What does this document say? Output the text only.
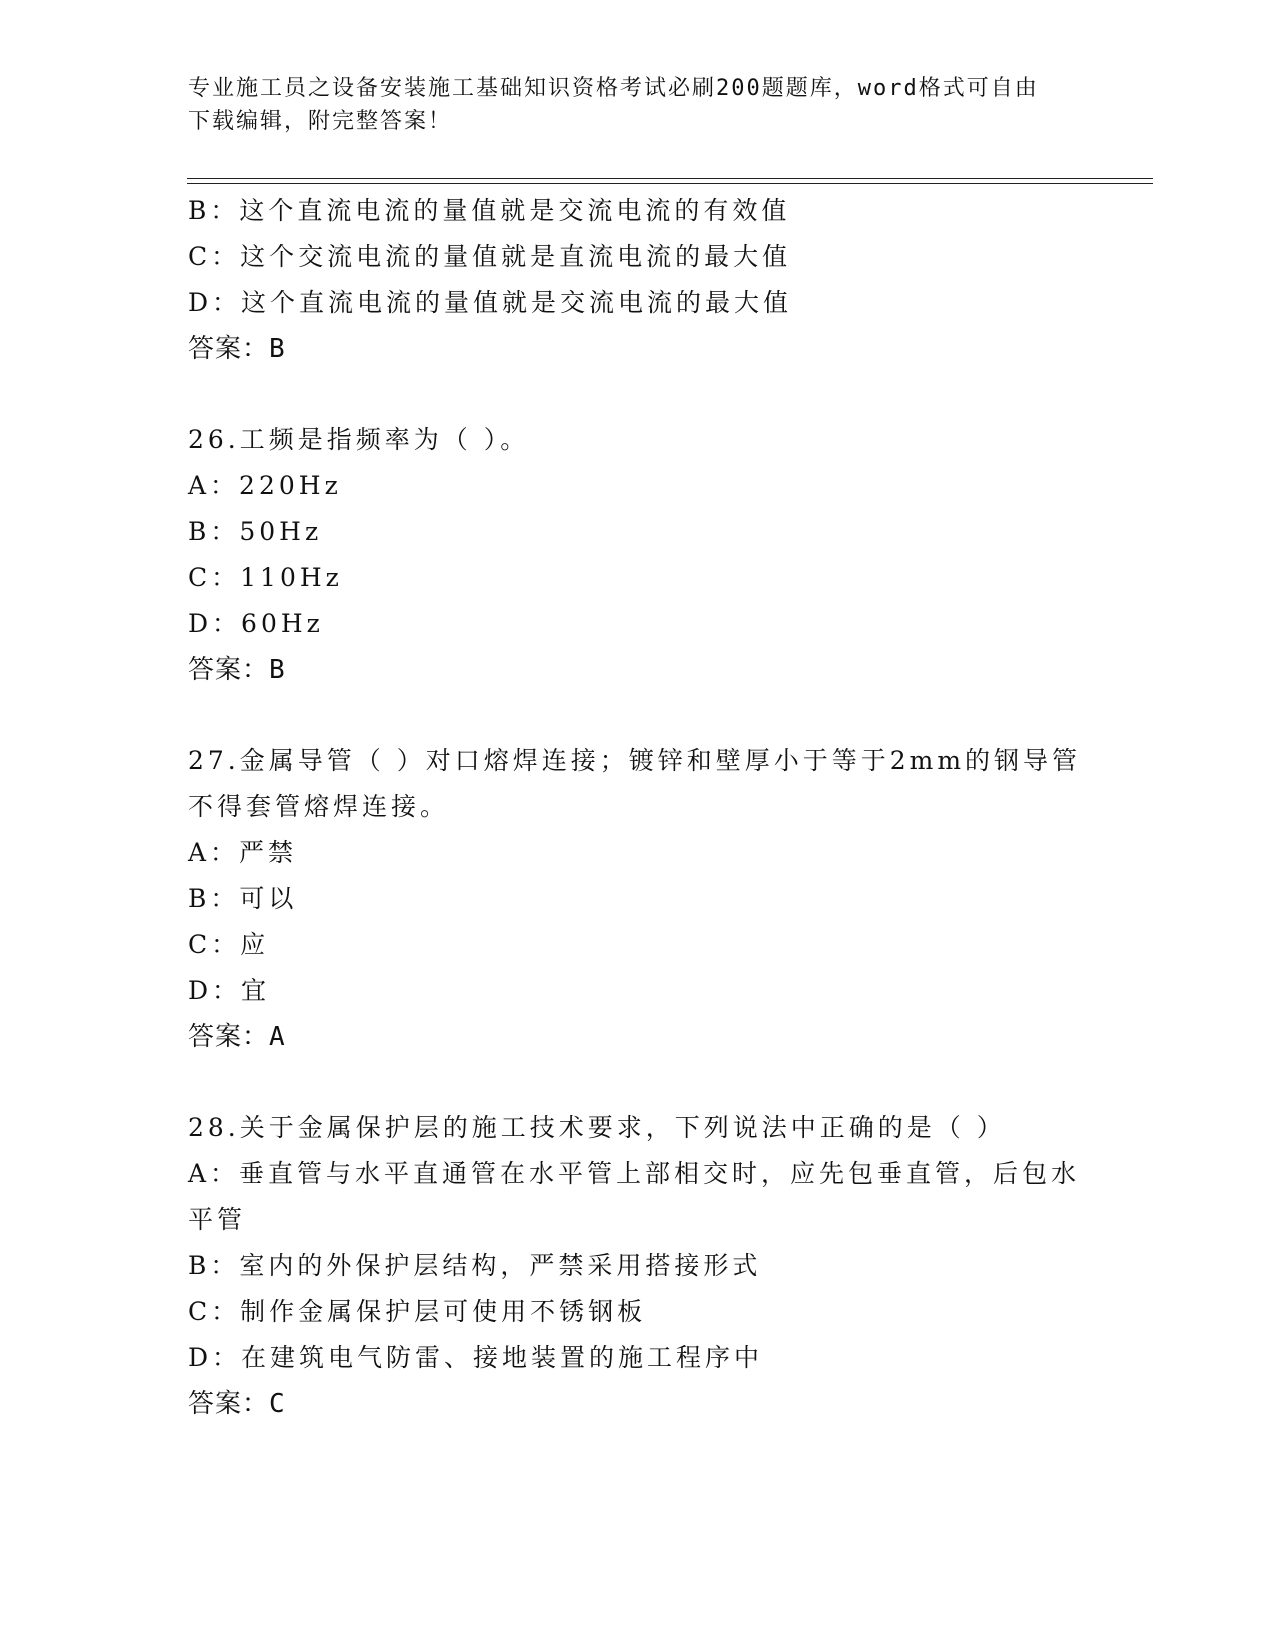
专业施工员之设备安装施工基础知识资格考试必刷200题题库，word格式可自由
下载编辑，附完整答案！
B：这个直流电流的量值就是交流电流的有效值
C：这个交流电流的量值就是直流电流的最大值
D：这个直流电流的量值就是交流电流的最大值
答案：B
26.工频是指频率为（ ）。
A：220Hz
B：50Hz
C：110Hz
D：60Hz
答案：B
27.金属导管（ ）对口熔焊连接；镀锌和壁厚小于等于2mm的钢导管
不得套管熔焊连接。
A：严禁
B：可以
C：应
D：宜
答案：A
28.关于金属保护层的施工技术要求，下列说法中正确的是（ ）
A：垂直管与水平直通管在水平管上部相交时，应先包垂直管，后包水
平管
B：室内的外保护层结构，严禁采用搭接形式
C：制作金属保护层可使用不锈钢板
D：在建筑电气防雷、接地装置的施工程序中
答案：C
